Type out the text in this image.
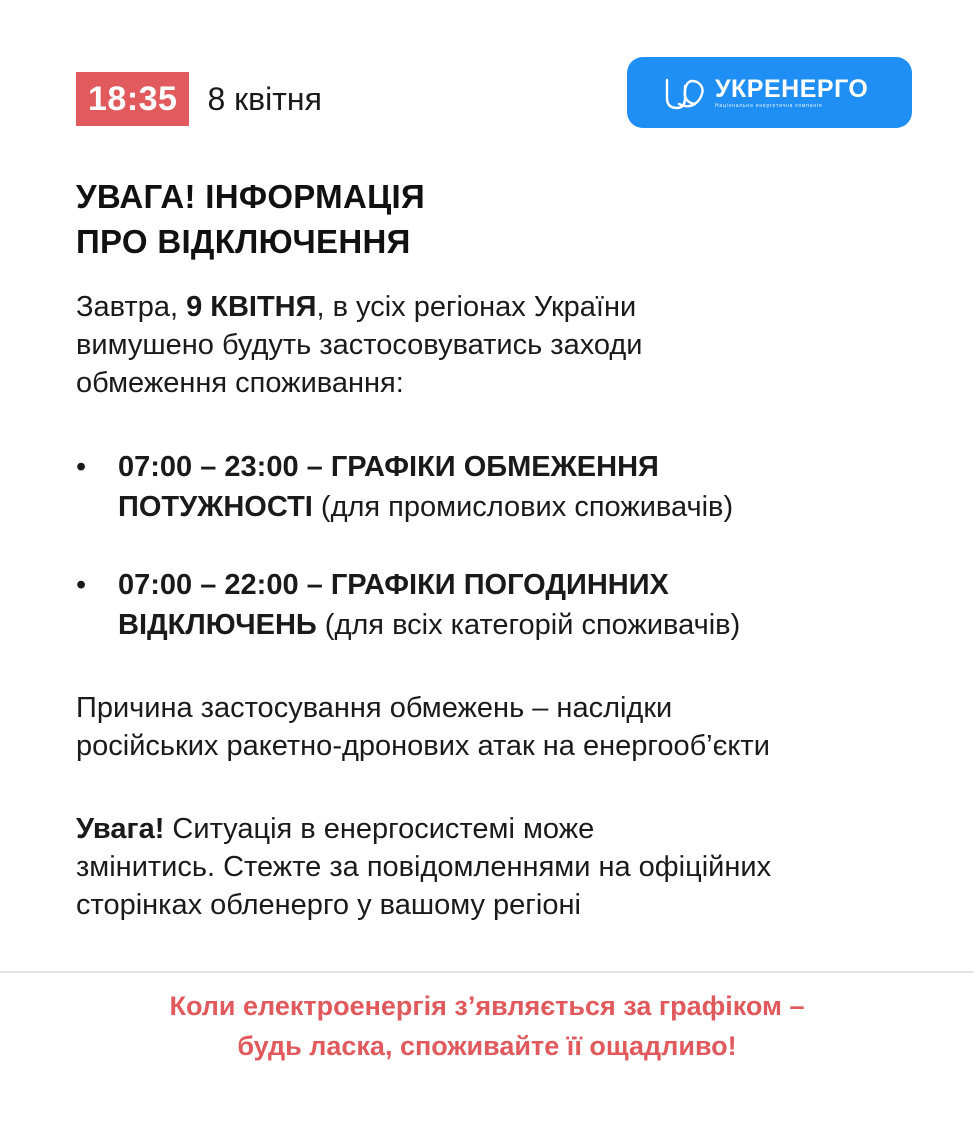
18:35 8 квітня	УКРЕНЕРГО
Національна енергетична компанія
УВАГА! ІНФОРМАЦІЯ
ПРО ВІДКЛЮЧЕННЯ

Завтра, 9 КВІТНЯ, в усіх регіонах України
вимушено будуть застосовуватись заходи
обмеження споживання:

• 07:00 – 23:00 – ГРАФІКИ ОБМЕЖЕННЯ
ПОТУЖНОСТІ (для промислових споживачів)
• 07:00 – 22:00 – ГРАФІКИ ПОГОДИННИХ
ВІДКЛЮЧЕНЬ (для всіх категорій споживачів)

Причина застосування обмежень – наслідки
російських ракетно-дронових атак на енергооб’єкти

Увага! Ситуація в енергосистемі може
змінитись. Стежте за повідомленнями на офіційних
сторінках обленерго у вашому регіоні

Коли електроенергія з’являється за графіком –
будь ласка, споживайте її ощадливо!
